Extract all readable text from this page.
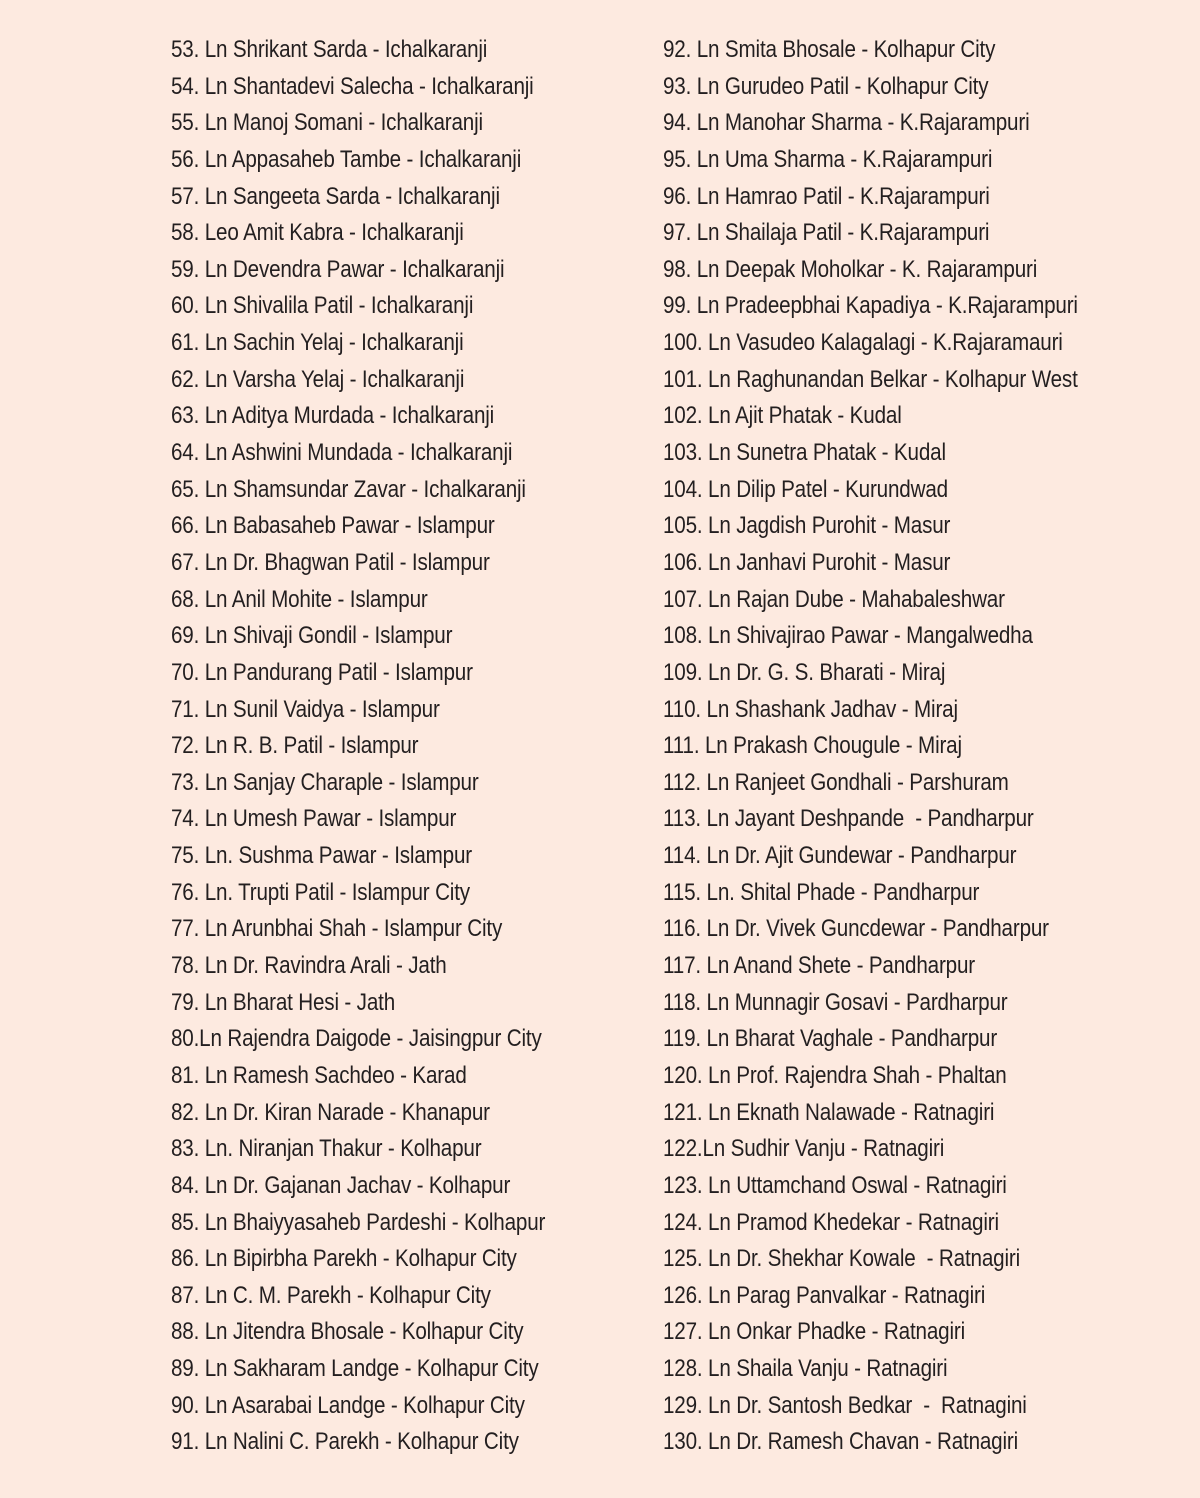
53. Ln Shrikant Sarda - Ichalkaranji
54. Ln Shantadevi Salecha - Ichalkaranji
55. Ln Manoj Somani - Ichalkaranji
56. Ln Appasaheb Tambe - Ichalkaranji
57. Ln Sangeeta Sarda - Ichalkaranji
58. Leo Amit Kabra - Ichalkaranji
59. Ln Devendra Pawar - Ichalkaranji
60. Ln Shivalila Patil - Ichalkaranji
61. Ln Sachin Yelaj - Ichalkaranji
62. Ln Varsha Yelaj - Ichalkaranji
63. Ln Aditya Murdada - Ichalkaranji
64. Ln Ashwini Mundada - Ichalkaranji
65. Ln Shamsundar Zavar - Ichalkaranji
66. Ln Babasaheb Pawar - Islampur
67. Ln Dr. Bhagwan Patil - Islampur
68. Ln Anil Mohite - Islampur
69. Ln Shivaji Gondil - Islampur
70. Ln Pandurang Patil - Islampur
71. Ln Sunil Vaidya - Islampur
72. Ln R. B. Patil - Islampur
73. Ln Sanjay Charaple - Islampur
74. Ln Umesh Pawar - Islampur
75. Ln. Sushma Pawar - Islampur
76. Ln. Trupti Patil - Islampur City
77. Ln Arunbhai Shah - Islampur City
78. Ln Dr. Ravindra Arali - Jath
79. Ln Bharat Hesi - Jath
80.Ln Rajendra Daigode - Jaisingpur City
81. Ln Ramesh Sachdeo - Karad
82. Ln Dr. Kiran Narade - Khanapur
83. Ln. Niranjan Thakur - Kolhapur
84. Ln Dr. Gajanan Jachav - Kolhapur
85. Ln Bhaiyyasaheb Pardeshi - Kolhapur
86. Ln Bipirbha Parekh - Kolhapur City
87. Ln C. M. Parekh - Kolhapur City
88. Ln Jitendra Bhosale - Kolhapur City
89. Ln Sakharam Landge - Kolhapur City
90. Ln Asarabai Landge - Kolhapur City
91. Ln Nalini C. Parekh - Kolhapur City
92. Ln Smita Bhosale - Kolhapur City
93. Ln Gurudeo Patil - Kolhapur City
94. Ln Manohar Sharma - K.Rajarampuri
95. Ln Uma Sharma - K.Rajarampuri
96. Ln Hamrao Patil - K.Rajarampuri
97. Ln Shailaja Patil - K.Rajarampuri
98. Ln Deepak Moholkar - K. Rajarampuri
99. Ln Pradeepbhai Kapadiya - K.Rajarampuri
100. Ln Vasudeo Kalagalagi - K.Rajaramauri
101. Ln Raghunandan Belkar - Kolhapur West
102. Ln Ajit Phatak - Kudal
103. Ln Sunetra Phatak - Kudal
104. Ln Dilip Patel - Kurundwad
105. Ln Jagdish Purohit - Masur
106. Ln Janhavi Purohit - Masur
107. Ln Rajan Dube - Mahabaleshwar
108. Ln Shivajirao Pawar - Mangalwedha
109. Ln Dr. G. S. Bharati - Miraj
110. Ln Shashank Jadhav - Miraj
111. Ln Prakash Chougule - Miraj
112. Ln Ranjeet Gondhali - Parshuram
113. Ln Jayant Deshpande  - Pandharpur
114. Ln Dr. Ajit Gundewar - Pandharpur
115. Ln. Shital Phade - Pandharpur
116. Ln Dr. Vivek Guncdewar - Pandharpur
117. Ln Anand Shete - Pandharpur
118. Ln Munnagir Gosavi - Pardharpur
119. Ln Bharat Vaghale - Pandharpur
120. Ln Prof. Rajendra Shah - Phaltan
121. Ln Eknath Nalawade - Ratnagiri
122.Ln Sudhir Vanju - Ratnagiri
123. Ln Uttamchand Oswal - Ratnagiri
124. Ln Pramod Khedekar - Ratnagiri
125. Ln Dr. Shekhar Kowale  - Ratnagiri
126. Ln Parag Panvalkar - Ratnagiri
127. Ln Onkar Phadke - Ratnagiri
128. Ln Shaila Vanju - Ratnagiri
129. Ln Dr. Santosh Bedkar  -  Ratnagini
130. Ln Dr. Ramesh Chavan - Ratnagiri
